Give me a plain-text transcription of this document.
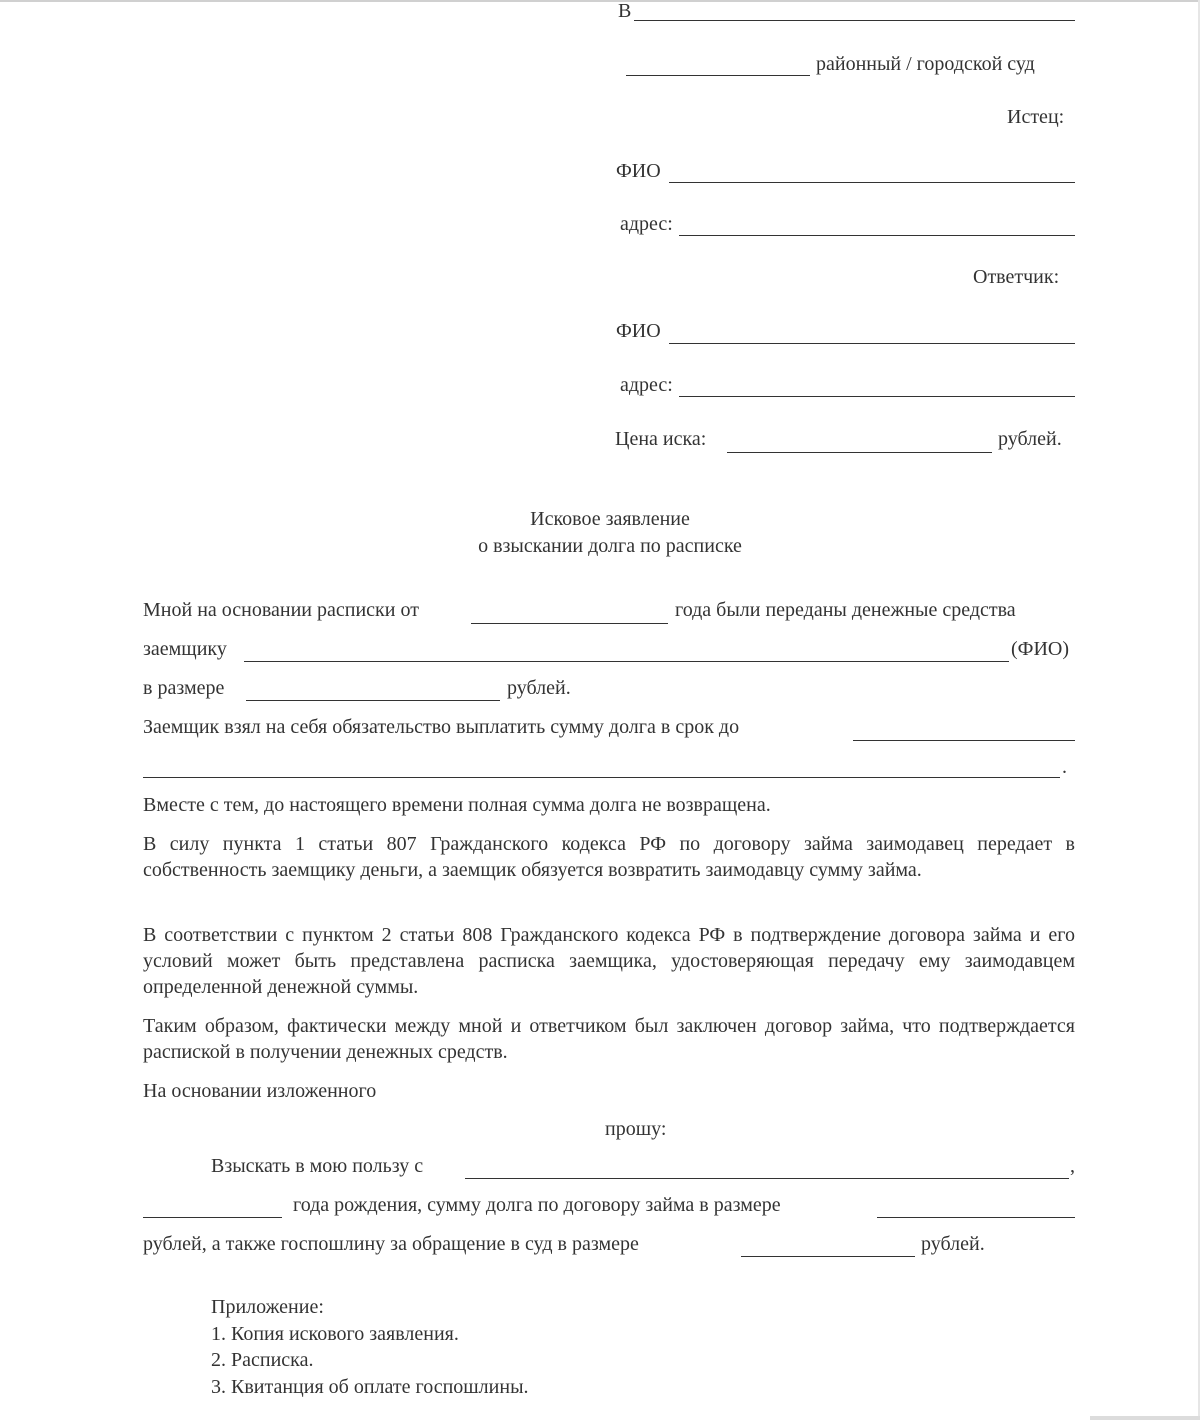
В
районный / городской суд
Истец:
ФИО
адрес:
Ответчик:
ФИО
адрес:
Цена иска:	рублей.
Исковое заявление
о взыскании долга по расписке
Мной на основании расписки от	года были переданы денежные средства
заемщику	(ФИО)
в размере	рублей.
Заемщик взял на себя обязательство выплатить сумму долга в срок до
.
Вместе с тем, до настоящего времени полная сумма долга не возвращена.
В силу пункта 1 статьи 807 Гражданского кодекса РФ по договору займа заимодавец передает в собственность заемщику деньги, а заемщик обязуется возвратить заимодавцу сумму займа.
В соответствии с пунктом 2 статьи 808 Гражданского кодекса РФ в подтверждение договора займа и его условий может быть представлена расписка заемщика, удостоверяющая передачу ему заимодавцем определенной денежной суммы.
Таким образом, фактически между мной и ответчиком был заключен договор займа, что подтверждается распиской в получении денежных средств.
На основании изложенного
прошу:
Взыскать в мою пользу с	,
года рождения, сумму долга по договору займа в размере
рублей, а также госпошлину за обращение в суд в размере	рублей.
Приложение:
1. Копия искового заявления.
2. Расписка.
3. Квитанция об оплате госпошлины.
